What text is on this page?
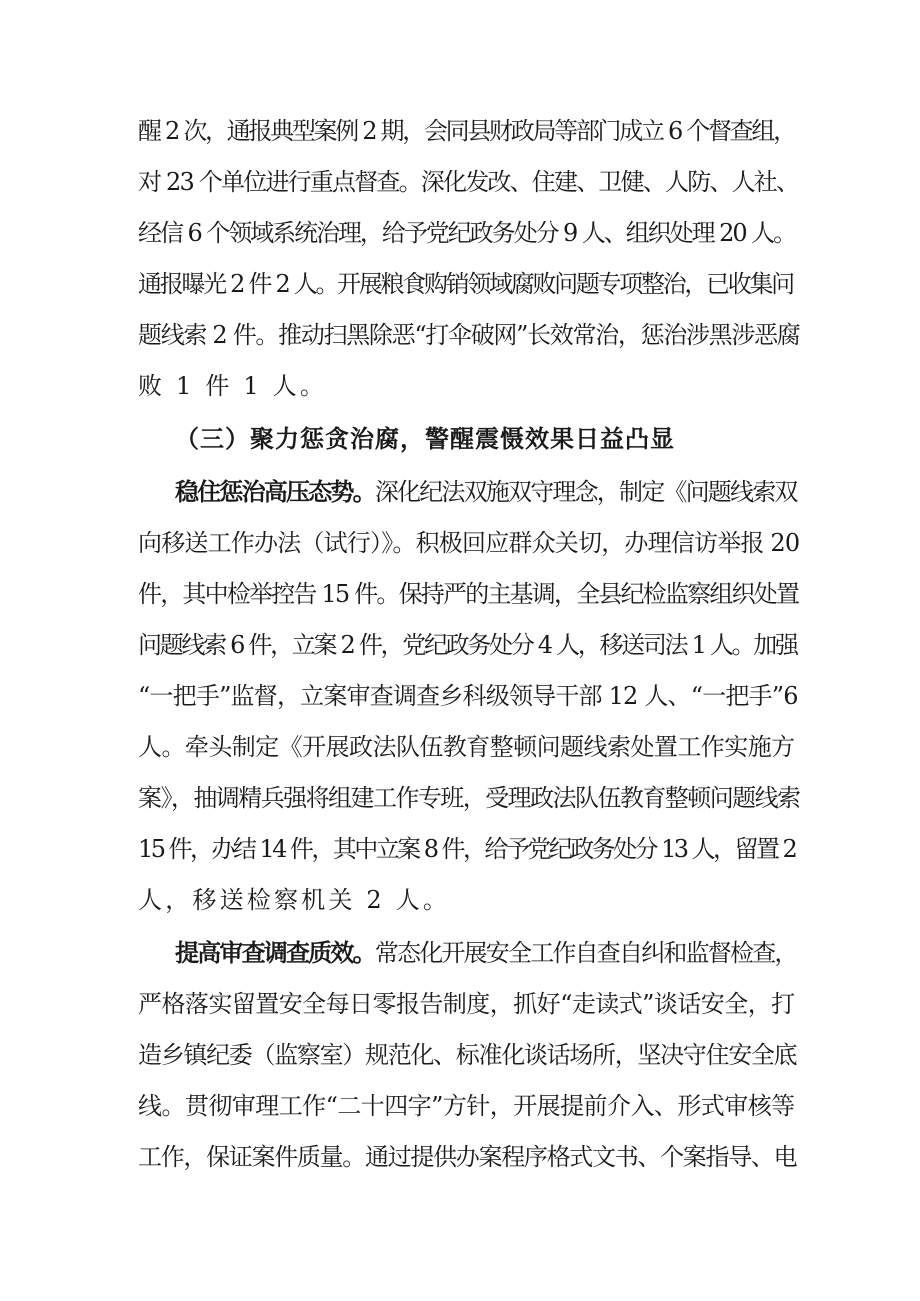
醒 2 次，通报典型案例 2 期，会同县财政局等部门成立 6 个督查组，
对 23 个单位进行重点督查。深化发改、住建、卫健、人防、人社、
经信 6 个领域系统治理，给予党纪政务处分 9 人、组织处理 20 人。
通报曝光 2 件 2 人。开展粮食购销领域腐败问题专项整治，已收集问
题线索 2 件。推动扫黑除恶“打伞破网”长效常治，惩治涉黑涉恶腐
败 1 件 1 人。
（三）聚力惩贪治腐，警醒震慑效果日益凸显
稳住惩治高压态势。深化纪法双施双守理念，制定《问题线索双
向移送工作办法（试行）》。积极回应群众关切，办理信访举报 20
件，其中检举控告 15 件。保持严的主基调，全县纪检监察组织处置
问题线索 6 件，立案 2 件，党纪政务处分 4 人，移送司法 1 人。加强
“一把手”监督，立案审查调查乡科级领导干部 12 人、“一把手”6
人。牵头制定《开展政法队伍教育整顿问题线索处置工作实施方
案》，抽调精兵强将组建工作专班，受理政法队伍教育整顿问题线索
15 件，办结 14 件，其中立案 8 件，给予党纪政务处分 13 人，留置 2
人，移送检察机关 2 人。
提高审查调查质效。常态化开展安全工作自查自纠和监督检查，
严格落实留置安全每日零报告制度，抓好“走读式”谈话安全，打
造乡镇纪委（监察室）规范化、标准化谈话场所，坚决守住安全底
线。贯彻审理工作“二十四字”方针，开展提前介入、形式审核等
工作，保证案件质量。通过提供办案程序格式文书、个案指导、电
